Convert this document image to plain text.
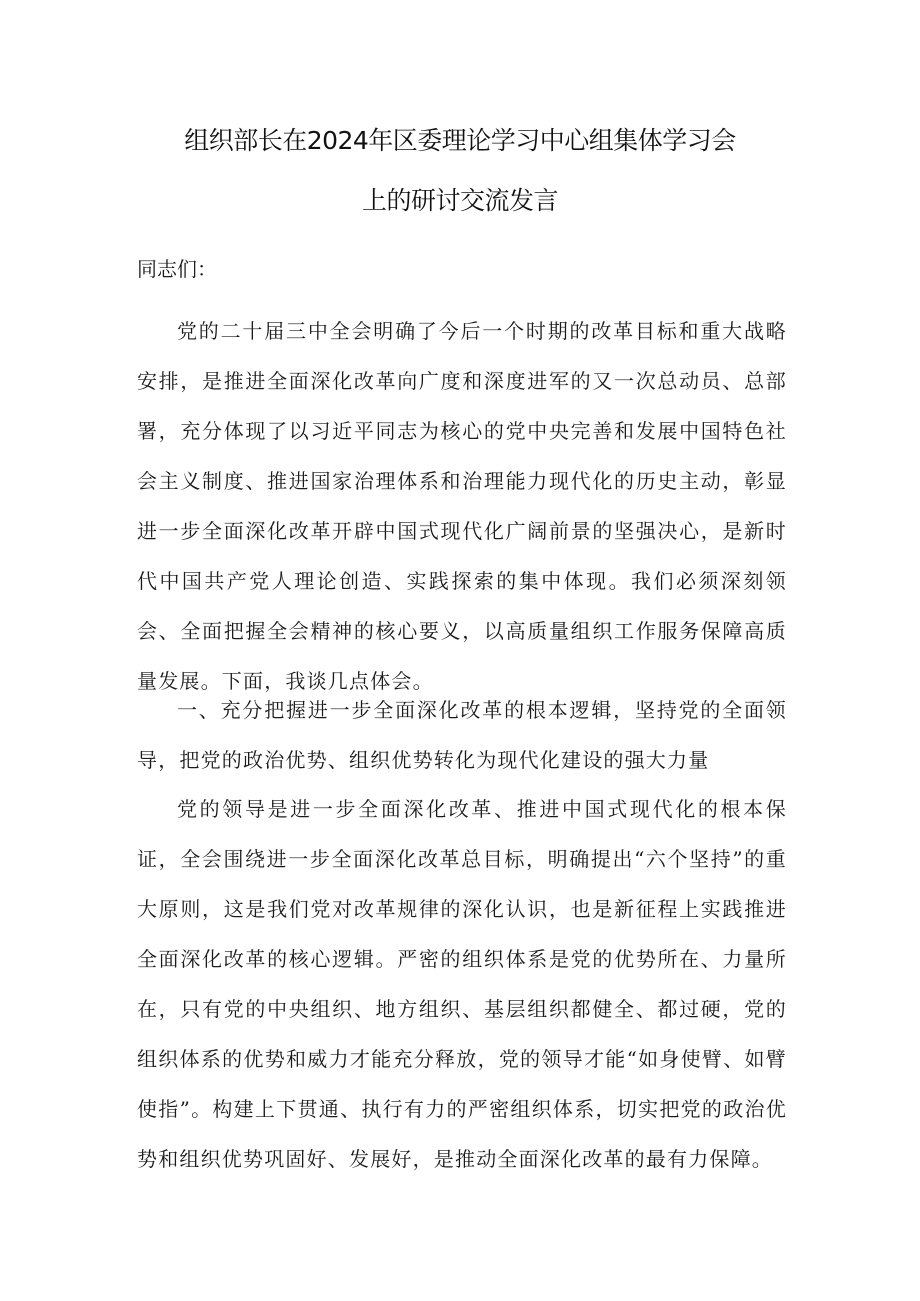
组织部长在2024年区委理论学习中心组集体学习会
上的研讨交流发言
同志们：

党的二十届三中全会明确了今后一个时期的改革目标和重大战略安排，是推进全面深化改革向广度和深度进军的又一次总动员、总部署，充分体现了以习近平同志为核心的党中央完善和发展中国特色社会主义制度、推进国家治理体系和治理能力现代化的历史主动，彰显进一步全面深化改革开辟中国式现代化广阔前景的坚强决心，是新时代中国共产党人理论创造、实践探索的集中体现。我们必须深刻领会、全面把握全会精神的核心要义，以高质量组织工作服务保障高质量发展。下面，我谈几点体会。

一、充分把握进一步全面深化改革的根本逻辑，坚持党的全面领导，把党的政治优势、组织优势转化为现代化建设的强大力量

党的领导是进一步全面深化改革、推进中国式现代化的根本保证，全会围绕进一步全面深化改革总目标，明确提出“六个坚持”的重大原则，这是我们党对改革规律的深化认识，也是新征程上实践推进全面深化改革的核心逻辑。严密的组织体系是党的优势所在、力量所在，只有党的中央组织、地方组织、基层组织都健全、都过硬，党的组织体系的优势和威力才能充分释放，党的领导才能“如身使臂、如臂使指”。构建上下贯通、执行有力的严密组织体系，切实把党的政治优势和组织优势巩固好、发展好，是推动全面深化改革的最有力保障。
